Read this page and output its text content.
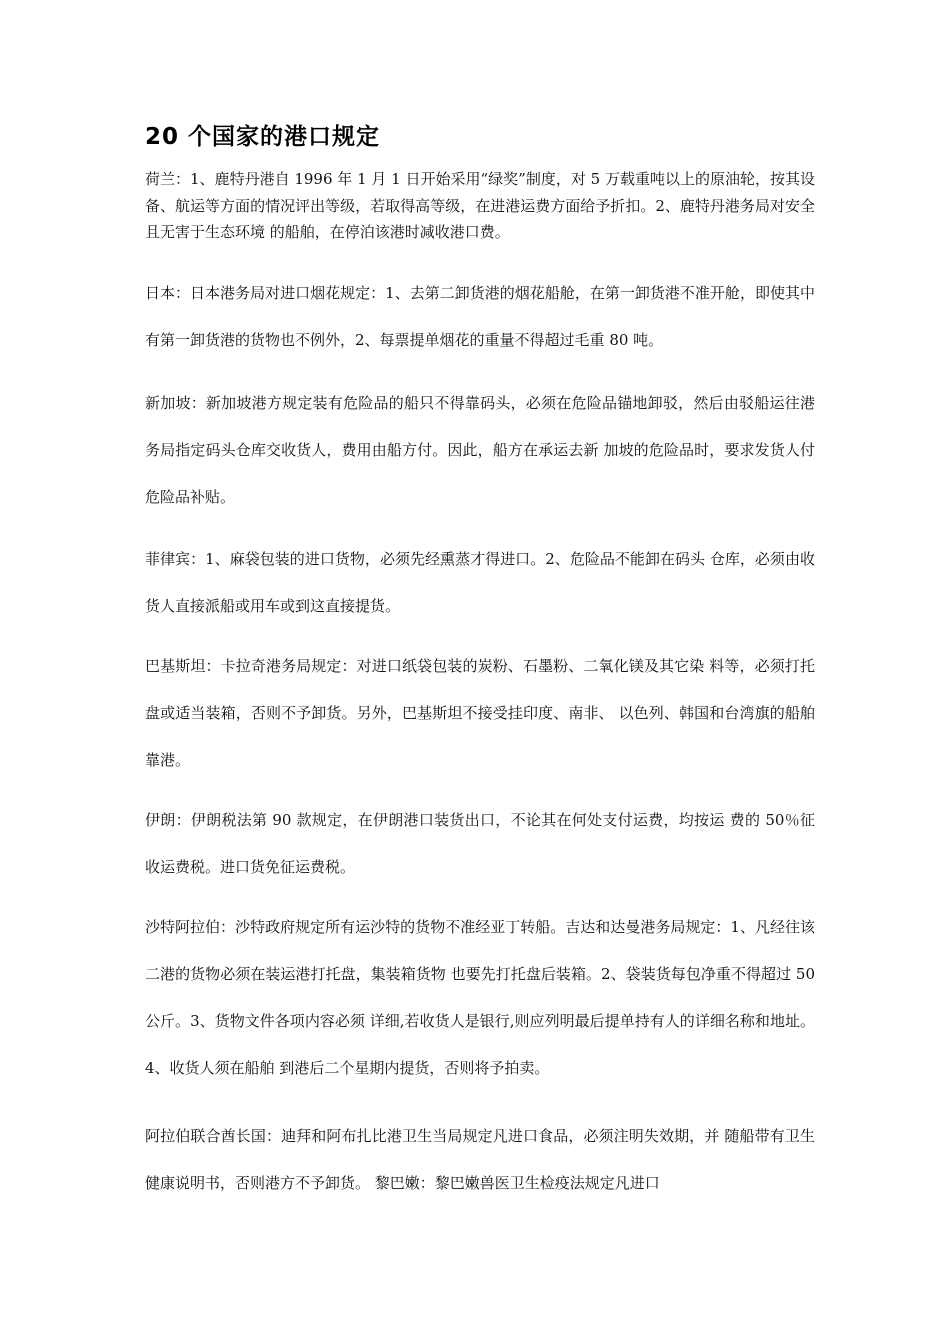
20 个国家的港口规定

荷兰：1、鹿特丹港自 1996 年 1 月 1 日开始采用“绿奖”制度，对 5 万载重吨以上的原油轮，按其设备、航运等方面的情况评出等级，若取得高等级，在进港运费方面给予折扣。2、鹿特丹港务局对安全且无害于生态环境 的船舶，在停泊该港时减收港口费。

日本：日本港务局对进口烟花规定：1、去第二卸货港的烟花船舱，在第一卸货港不准开舱，即使其中有第一卸货港的货物也不例外，2、每票提单烟花的重量不得超过毛重 80 吨。

新加坡：新加坡港方规定装有危险品的船只不得靠码头，必须在危险品锚地卸驳，然后由驳船运往港务局指定码头仓库交收货人，费用由船方付。因此，船方在承运去新 加坡的危险品时，要求发货人付危险品补贴。

菲律宾：1、麻袋包装的进口货物，必须先经熏蒸才得进口。2、危险品不能卸在码头 仓库，必须由收货人直接派船或用车或到这直接提货。

巴基斯坦：卡拉奇港务局规定：对进口纸袋包装的炭粉、石墨粉、二氧化镁及其它染 料等，必须打托盘或适当装箱，否则不予卸货。另外，巴基斯坦不接受挂印度、南非、 以色列、韩国和台湾旗的船舶靠港。

伊朗：伊朗税法第 90 款规定，在伊朗港口装货出口，不论其在何处支付运费，均按运 费的 50％征收运费税。进口货免征运费税。

沙特阿拉伯：沙特政府规定所有运沙特的货物不准经亚丁转船。吉达和达曼港务局规定：1、凡经往该二港的货物必须在装运港打托盘，集装箱货物 也要先打托盘后装箱。2、袋装货每包净重不得超过 50 公斤。3、货物文件各项内容必须 详细,若收货人是银行,则应列明最后提单持有人的详细名称和地址。4、收货人须在船舶 到港后二个星期内提货，否则将予拍卖。

阿拉伯联合酋长国：迪拜和阿布扎比港卫生当局规定凡进口食品，必须注明失效期，并 随船带有卫生健康说明书，否则港方不予卸货。 黎巴嫩：黎巴嫩兽医卫生检疫法规定凡进口
